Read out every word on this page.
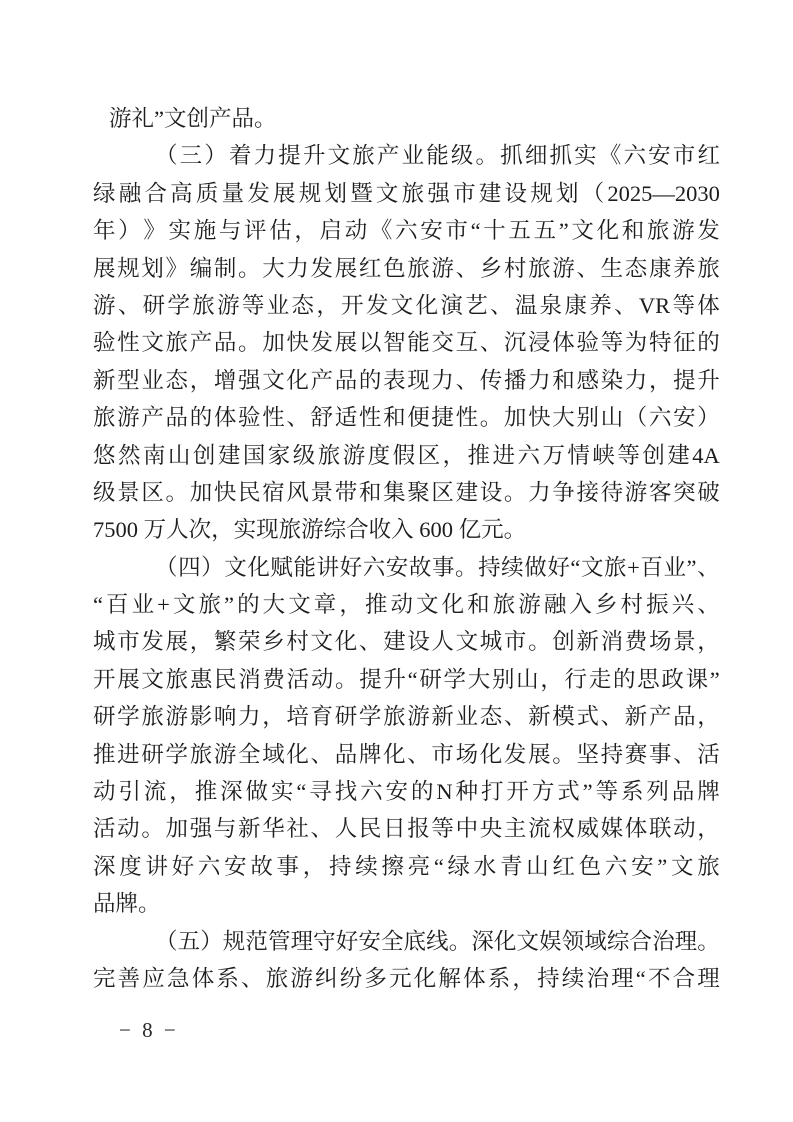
游礼”文创产品。
（ 三 ） 着 力 提 升 文 旅 产 业 能 级 。 抓 细 抓 实 《 六 安 市 红
绿 融 合 高 质 量 发 展 规 划 暨 文 旅 强 市 建 设 规 划 （ 2025—2030
年 ） 》 实 施 与 评 估 ， 启 动 《 六 安 市 “ 十 五 五 ” 文 化 和 旅 游 发
展 规 划 》 编 制 。 大 力 发 展 红 色 旅 游 、 乡 村 旅 游 、 生 态 康 养 旅
游 、 研 学 旅 游 等 业 态 ， 开 发 文 化 演 艺 、 温 泉 康 养 、 VR 等 体
验 性 文 旅 产 品 。 加 快 发 展 以 智 能 交 互 、 沉 浸 体 验 等 为 特 征 的
新 型 业 态 ， 增 强 文 化 产 品 的 表 现 力 、 传 播 力 和 感 染 力 ， 提 升
旅 游 产 品 的 体 验 性 、 舒 适 性 和 便 捷 性 。 加 快 大 别 山 （ 六 安 ）
悠 然 南 山 创 建 国 家 级 旅 游 度 假 区 ， 推 进 六 万 情 峡 等 创 建 4A
级 景 区 。 加 快 民 宿 风 景 带 和 集 聚 区 建 设 。 力 争 接 待 游 客 突 破
7500 万人次，实现旅游综合收入 600 亿元。
（ 四 ） 文 化 赋 能 讲 好 六 安 故 事 。 持 续 做 好 “ 文 旅 + 百 业 ” 、
“ 百 业 + 文 旅 ” 的 大 文 章 ， 推 动 文 化 和 旅 游 融 入 乡 村 振 兴 、
城 市 发 展 ， 繁 荣 乡 村 文 化 、 建 设 人 文 城 市 。 创 新 消 费 场 景 ，
开 展 文 旅 惠 民 消 费 活 动 。 提 升 “ 研 学 大 别 山 ， 行 走 的 思 政 课 ”
研 学 旅 游 影 响 力 ， 培 育 研 学 旅 游 新 业 态 、 新 模 式 、 新 产 品 ，
推 进 研 学 旅 游 全 域 化 、 品 牌 化 、 市 场 化 发 展 。 坚 持 赛 事 、 活
动 引 流 ， 推 深 做 实 “ 寻 找 六 安 的 N 种 打 开 方 式 ” 等 系 列 品 牌
活 动 。 加 强 与 新 华 社 、 人 民 日 报 等 中 央 主 流 权 威 媒 体 联 动 ，
深 度 讲 好 六 安 故 事 ， 持 续 擦 亮 “ 绿 水 青 山 红 色 六 安 ” 文 旅
品牌。
（ 五 ） 规 范 管 理 守 好 安 全 底 线 。 深 化 文 娱 领 域 综 合 治 理 。
完 善 应 急 体 系 、 旅 游 纠 纷 多 元 化 解 体 系 ， 持 续 治 理 “ 不 合 理
− 8 −
